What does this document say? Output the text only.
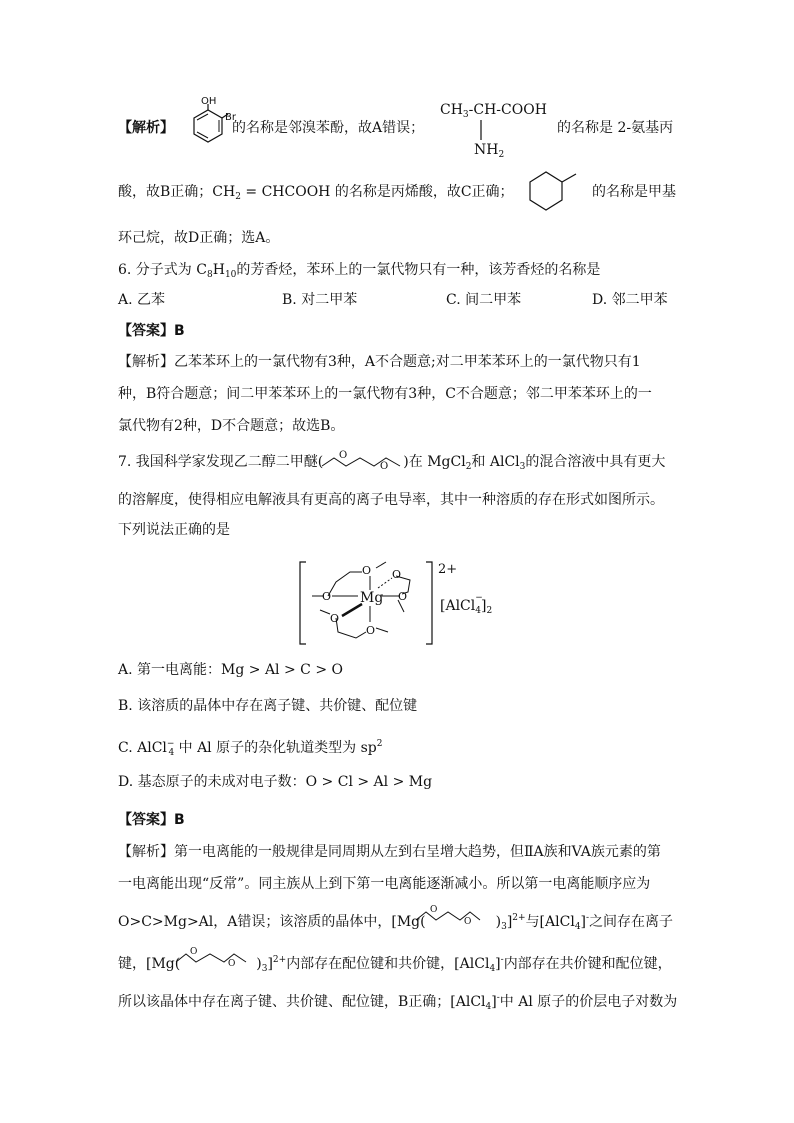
【解析】
OH
Br
的名称是邻溴苯酚，故A错误；
$CH_3-CH$-COOH
$NH_2$
的名称是 2-氨基丙
酸，故B正确；$CH_2$ = CHCOOH 的名称是丙烯酸，故C正确；	的名称是甲基
环己烷，故D正确；选A。
6. 分子式为 $C_8H_{10}$的芳香烃，苯环上的一氯代物只有一种，该芳香烃的名称是
A. 乙苯	B. 对二甲苯	C. 间二甲苯	D. 邻二甲苯
【答案】B
【解析】乙苯苯环上的一氯代物有3种，A不合题意;对二甲苯苯环上的一氯代物只有1
种，B符合题意；间二甲苯苯环上的一氯代物有3种，C不合题意；邻二甲苯苯环上的一
氯代物有2种，D不合题意；故选B。
7. 我国科学家发现乙二醇二甲醚(	)在 MgCl$_2$和 AlCl$_3$的混合溶液中具有更大
O
O
的溶解度，使得相应电解液具有更高的离子电导率，其中一种溶质的存在形式如图所示。
下列说法正确的是
O
O
O
O
O
O
Mg
2+
[AlCl −
$_4]_2$
A. 第一电离能：Mg > Al > C > O
B. 该溶质的晶体中存在离子键、共价键、配位键
C. AlCl−$_4$ 中 Al 原子的杂化轨道类型为 $sp^2$
D. 基态原子的未成对电子数：O > Cl > Al > Mg
【答案】B
【解析】第一电离能的一般规律是同周期从左到右呈增大趋势，但ⅡA族和VA族元素的第
一电离能出现“反常”。同主族从上到下第一电离能逐渐减小。所以第一电离能顺序应为
O>C>Mg>Al，A错误；该溶质的晶体中，[Mg(	)$_3]^{2+}$与[AlCl$_4$]-之间存在离子
O
O
键，[Mg(	)$_3]^{2+}$内部存在配位键和共价键，[AlCl$_4$]-内部存在共价键和配位键，
O
O
所以该晶体中存在离子键、共价键、配位键，B正确；[AlCl$_4$]-中 Al 原子的价层电子对数为
